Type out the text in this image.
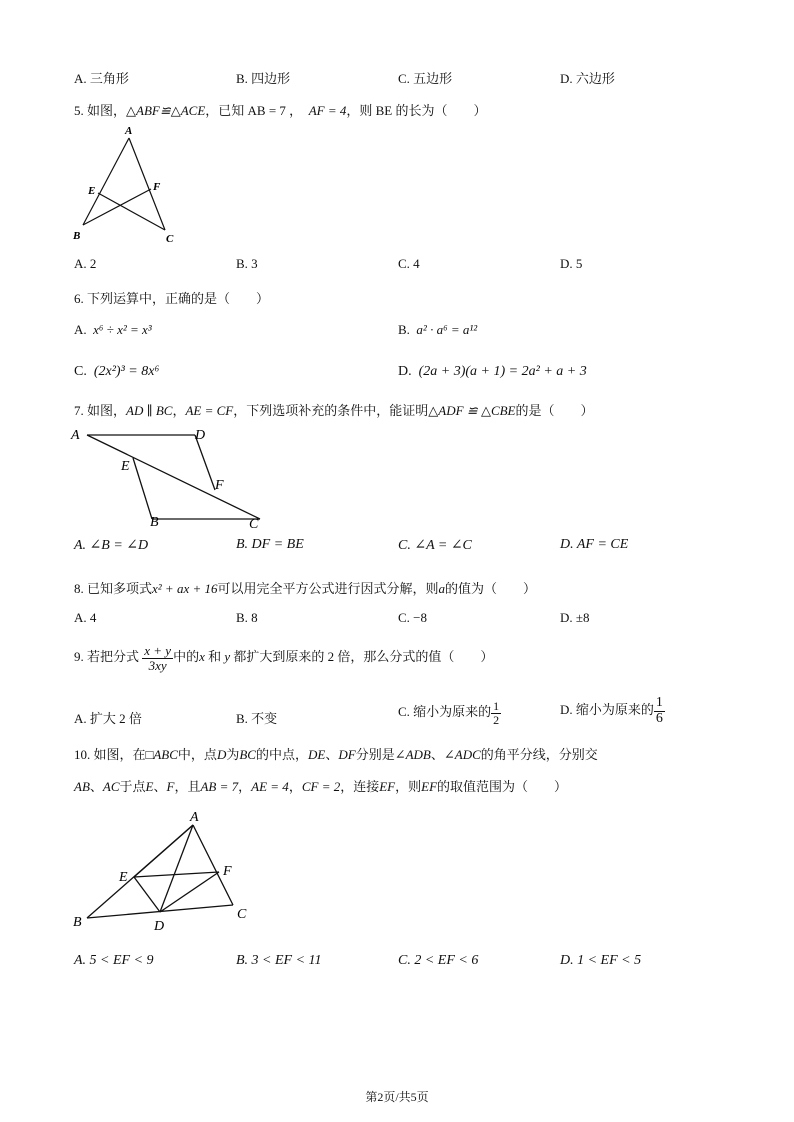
A. 三角形	B. 四边形	C. 五边形	D. 六边形
5. 如图，△ABF≌△ACE，已知 AB = 7 ， AF = 4，则 BE 的长为（　　）
A
E	F
B	C
A. 2	B. 3	C. 4	D. 5
6. 下列运算中，正确的是（　　）
A. x⁶ ÷ x² = x³	B. a² · a⁶ = a¹²
C. (2x²)³ = 8x⁶	D. (2a + 3)(a + 1) = 2a² + a + 3
7. 如图，AD ∥ BC，AE = CF，下列选项补充的条件中，能证明△ADF ≌ △CBE的是（　　）
A	D
E
F
B	C
A. ∠B = ∠D	B. DF = BE	C. ∠A = ∠C	D. AF = CE
8. 已知多项式x² + ax + 16可以用完全平方公式进行因式分解，则a的值为（　　）
A. 4	B. 8	C. −8	D. ±8
9. 若把分式 $\frac{x + y}{3xy}$ 中的x 和 y 都扩大到原来的 2 倍，那么分式的值（　　）
A. 扩大 2 倍	B. 不变	C. 缩小为原来的 $\frac{1}{2}$	D. 缩小为原来的 $\frac{1}{6}$
10. 如图，在□ABC中，点D为BC的中点，DE、DF分别是∠ADB、∠ADC的角平分线，分别交
AB、AC于点E、F，且AB = 7，AE = 4，CF = 2，连接EF，则EF的取值范围为（　　）
A
E	F
B	D
C
A. 5 < EF < 9	B. 3 < EF < 11	C. 2 < EF < 6	D. 1 < EF < 5
第2页/共5页
